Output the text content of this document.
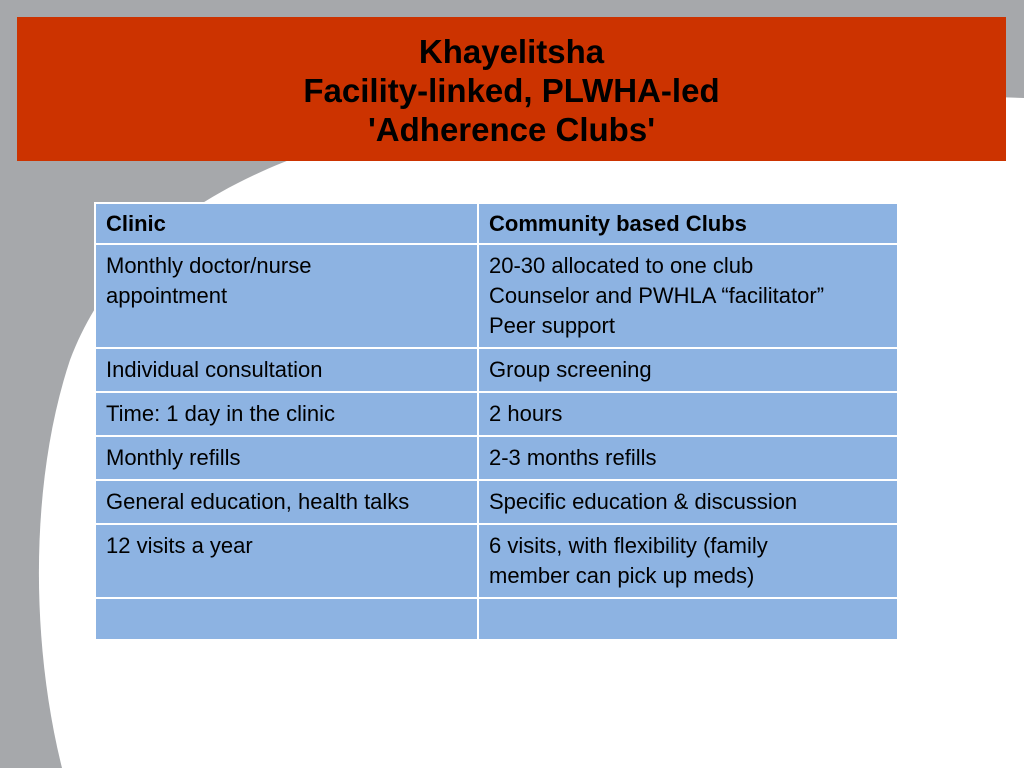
Khayelitsha
Facility-linked, PLWHA-led
'Adherence Clubs'
Clinic	Community based Clubs

Monthly doctor/nurse
appointment	20-30 allocated to one club
Counselor and PWHLA “facilitator”
Peer support

Individual consultation	Group screening

Time: 1 day in the clinic	2 hours

Monthly refills	2-3 months refills

General education, health talks	Specific education & discussion

12 visits a year	6 visits, with flexibility (family
member can pick up meds)
